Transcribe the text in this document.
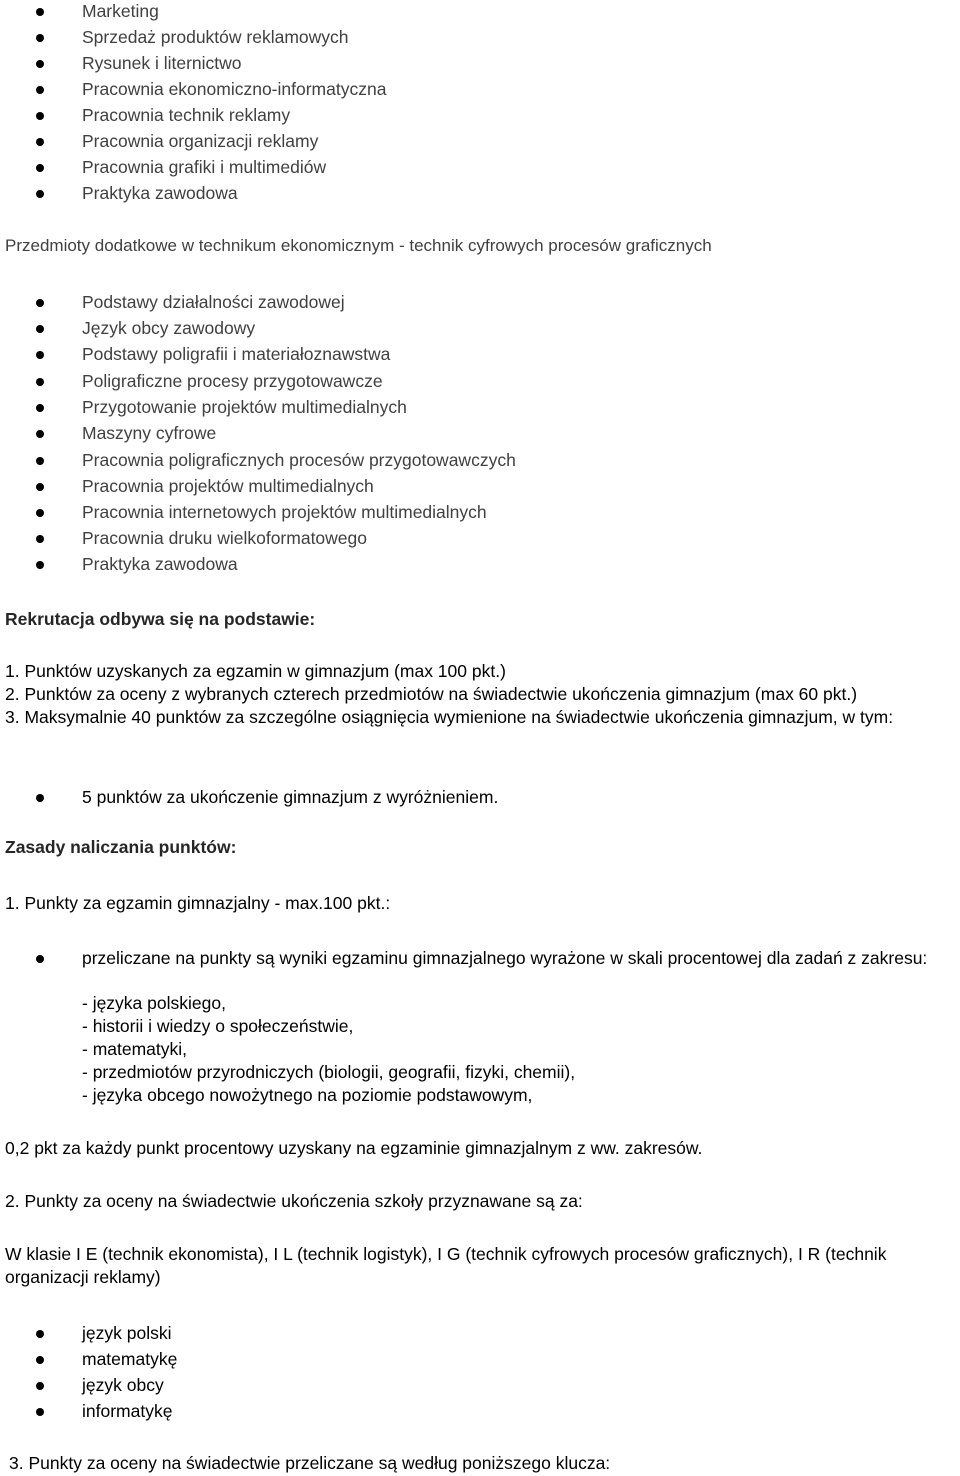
Marketing
Sprzedaż produktów reklamowych
Rysunek i liternictwo
Pracownia ekonomiczno-informatyczna
Pracownia technik reklamy
Pracownia organizacji reklamy
Pracownia grafiki i multimediów
Praktyka zawodowa
Przedmioty dodatkowe w technikum ekonomicznym - technik cyfrowych procesów graficznych
Podstawy działalności zawodowej
Język obcy zawodowy
Podstawy poligrafii i materiałoznawstwa
Poligraficzne procesy przygotowawcze
Przygotowanie projektów multimedialnych
Maszyny cyfrowe
Pracownia poligraficznych procesów przygotowawczych
Pracownia projektów multimedialnych
Pracownia internetowych projektów multimedialnych
Pracownia druku wielkoformatowego
Praktyka zawodowa
Rekrutacja odbywa się na podstawie:
1. Punktów uzyskanych za egzamin w gimnazjum (max 100 pkt.)
2. Punktów za oceny z wybranych czterech przedmiotów na świadectwie ukończenia gimnazjum (max 60 pkt.)
3. Maksymalnie 40 punktów za szczególne osiągnięcia wymienione na świadectwie ukończenia gimnazjum, w tym:
5 punktów za ukończenie gimnazjum z wyróżnieniem.
Zasady naliczania punktów:
1. Punkty za egzamin gimnazjalny - max.100 pkt.:
przeliczane na punkty są wyniki egzaminu gimnazjalnego wyrażone w skali procentowej dla zadań z zakresu:
- języka polskiego,
- historii i wiedzy o społeczeństwie,
- matematyki,
- przedmiotów przyrodniczych (biologii, geografii, fizyki, chemii),
- języka obcego nowożytnego na poziomie podstawowym,
0,2 pkt za każdy punkt procentowy uzyskany na egzaminie gimnazjalnym z ww. zakresów.
2. Punkty za oceny na świadectwie ukończenia szkoły przyznawane są za:
W klasie I E (technik ekonomista), I L (technik logistyk), I G (technik cyfrowych procesów graficznych), I R (technik organizacji reklamy)
język polski
matematykę
język obcy
informatykę
3. Punkty za oceny na świadectwie przeliczane są według poniższego klucza:
